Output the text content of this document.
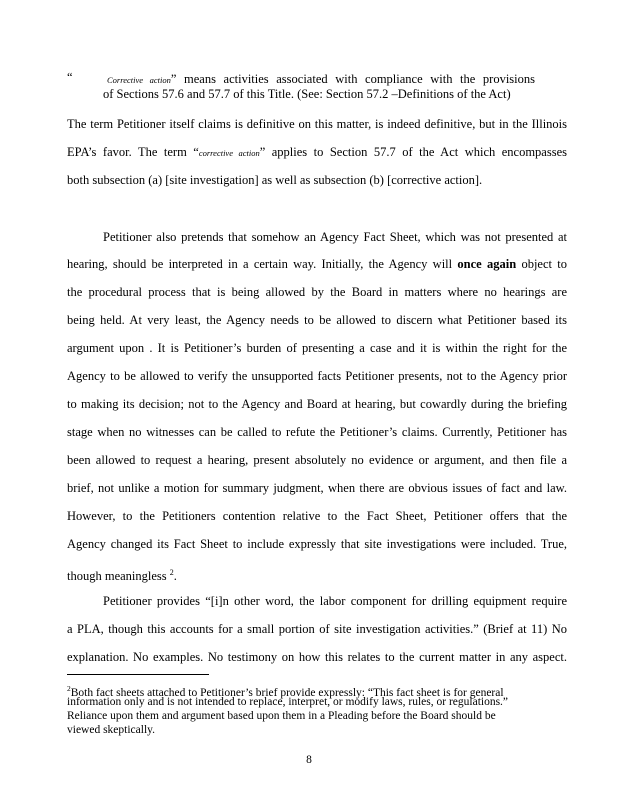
“	Corrective action” means activities associated with compliance with the provisions
of Sections 57.6 and 57.7 of this Title. (See: Section 57.2 –Definitions of the Act)
The term Petitioner itself claims is definitive on this matter, is indeed definitive, but in the Illinois
EPA’s favor. The term “corrective action” applies to Section 57.7 of the Act which encompasses
both subsection (a) [site investigation] as well as subsection (b) [corrective action].
Petitioner also pretends that somehow an Agency Fact Sheet, which was not presented at
hearing, should be interpreted in a certain way. Initially, the Agency will once again object to
the procedural process that is being allowed by the Board in matters where no hearings are
being held. At very least, the Agency needs to be allowed to discern what Petitioner based its
argument upon . It is Petitioner’s burden of presenting a case and it is within the right for the
Agency to be allowed to verify the unsupported facts Petitioner presents, not to the Agency prior
to making its decision; not to the Agency and Board at hearing, but cowardly during the briefing
stage when no witnesses can be called to refute the Petitioner’s claims. Currently, Petitioner has
been allowed to request a hearing, present absolutely no evidence or argument, and then file a
brief, not unlike a motion for summary judgment, when there are obvious issues of fact and law.
However, to the Petitioners contention relative to the Fact Sheet, Petitioner offers that the
Agency changed its Fact Sheet to include expressly that site investigations were included. True,
though meaningless $^2$.
Petitioner provides “[i]n other word, the labor component for drilling equipment require
a PLA, though this accounts for a small portion of site investigation activities.” (Brief at 11) No
explanation. No examples. No testimony on how this relates to the current matter in any aspect.
$^2$Both fact sheets attached to Petitioner’s brief provide expressly: “This fact sheet is for general
information only and is not intended to replace, interpret, or modify laws, rules, or regulations.”
Reliance upon them and argument based upon them in a Pleading before the Board should be
viewed skeptically.
8
